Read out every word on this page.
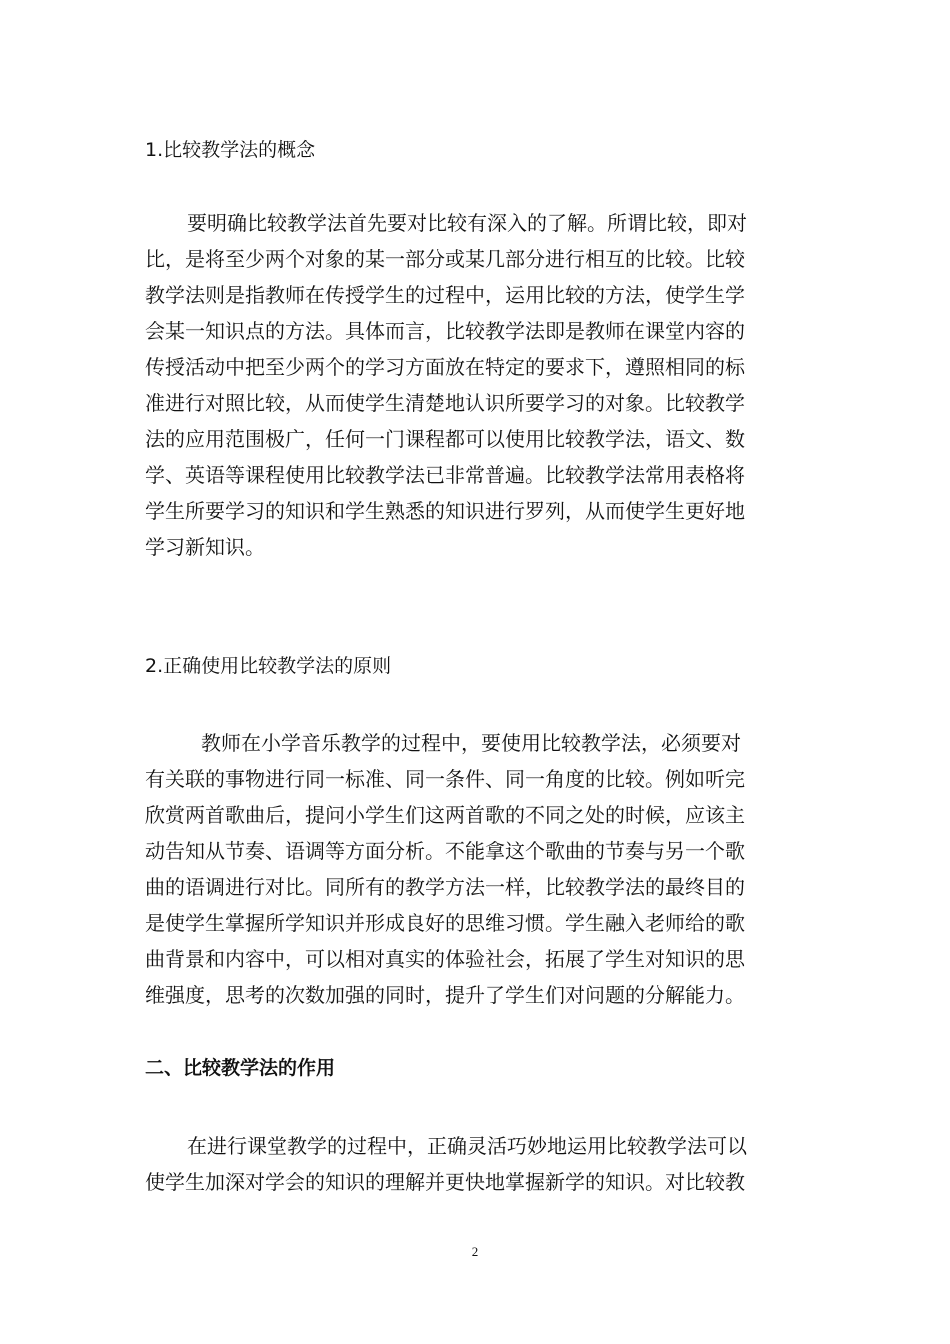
1.比较教学法的概念
要明确比较教学法首先要对比较有深入的了解。所谓比较，即对
比，是将至少两个对象的某一部分或某几部分进行相互的比较。比较
教学法则是指教师在传授学生的过程中，运用比较的方法，使学生学
会某一知识点的方法。具体而言，比较教学法即是教师在课堂内容的
传授活动中把至少两个的学习方面放在特定的要求下，遵照相同的标
准进行对照比较，从而使学生清楚地认识所要学习的对象。比较教学
法的应用范围极广，任何一门课程都可以使用比较教学法，语文、数
学、英语等课程使用比较教学法已非常普遍。比较教学法常用表格将
学生所要学习的知识和学生熟悉的知识进行罗列，从而使学生更好地
学习新知识。
2.正确使用比较教学法的原则
教师在小学音乐教学的过程中，要使用比较教学法，必须要对
有关联的事物进行同一标准、同一条件、同一角度的比较。例如听完
欣赏两首歌曲后，提问小学生们这两首歌的不同之处的时候，应该主
动告知从节奏、语调等方面分析。不能拿这个歌曲的节奏与另一个歌
曲的语调进行对比。同所有的教学方法一样，比较教学法的最终目的
是使学生掌握所学知识并形成良好的思维习惯。学生融入老师给的歌
曲背景和内容中，可以相对真实的体验社会，拓展了学生对知识的思
维强度，思考的次数加强的同时，提升了学生们对问题的分解能力。
二、比较教学法的作用
在进行课堂教学的过程中，正确灵活巧妙地运用比较教学法可以
使学生加深对学会的知识的理解并更快地掌握新学的知识。对比较教
2
